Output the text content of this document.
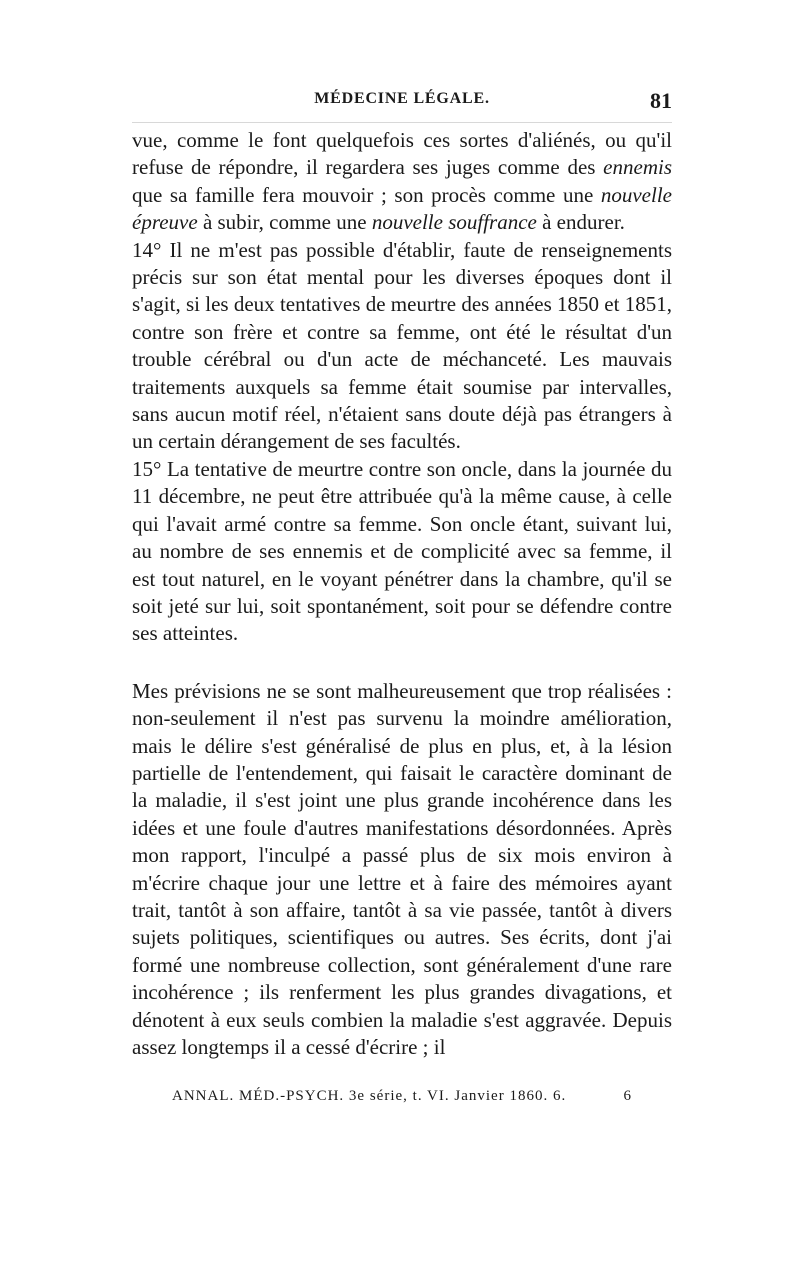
MÉDECINE LÉGALE.	81

vue, comme le font quelquefois ces sortes d'aliénés, ou qu'il refuse de répondre, il regardera ses juges comme des ennemis que sa famille fera mouvoir ; son procès comme une nouvelle épreuve à subir, comme une nouvelle souffrance à endurer.

14° Il ne m'est pas possible d'établir, faute de renseignements précis sur son état mental pour les diverses époques dont il s'agit, si les deux tentatives de meurtre des années 1850 et 1851, contre son frère et contre sa femme, ont été le résultat d'un trouble cérébral ou d'un acte de méchanceté. Les mauvais traitements auxquels sa femme était soumise par intervalles, sans aucun motif réel, n'étaient sans doute déjà pas étrangers à un certain dérangement de ses facultés.

15° La tentative de meurtre contre son oncle, dans la journée du 11 décembre, ne peut être attribuée qu'à la même cause, à celle qui l'avait armé contre sa femme. Son oncle étant, suivant lui, au nombre de ses ennemis et de complicité avec sa femme, il est tout naturel, en le voyant pénétrer dans la chambre, qu'il se soit jeté sur lui, soit spontanément, soit pour se défendre contre ses atteintes.

Mes prévisions ne se sont malheureusement que trop réalisées : non-seulement il n'est pas survenu la moindre amélioration, mais le délire s'est généralisé de plus en plus, et, à la lésion partielle de l'entendement, qui faisait le caractère dominant de la maladie, il s'est joint une plus grande incohérence dans les idées et une foule d'autres manifestations désordonnées. Après mon rapport, l'inculpé a passé plus de six mois environ à m'écrire chaque jour une lettre et à faire des mémoires ayant trait, tantôt à son affaire, tantôt à sa vie passée, tantôt à divers sujets politiques, scientifiques ou autres. Ses écrits, dont j'ai formé une nombreuse collection, sont généralement d'une rare incohérence ; ils renferment les plus grandes divagations, et dénotent à eux seuls combien la maladie s'est aggravée. Depuis assez longtemps il a cessé d'écrire ; il

ANNAL. MÉD.-PSYCH. 3e série, t. VI. Janvier 1860. 6.	6
